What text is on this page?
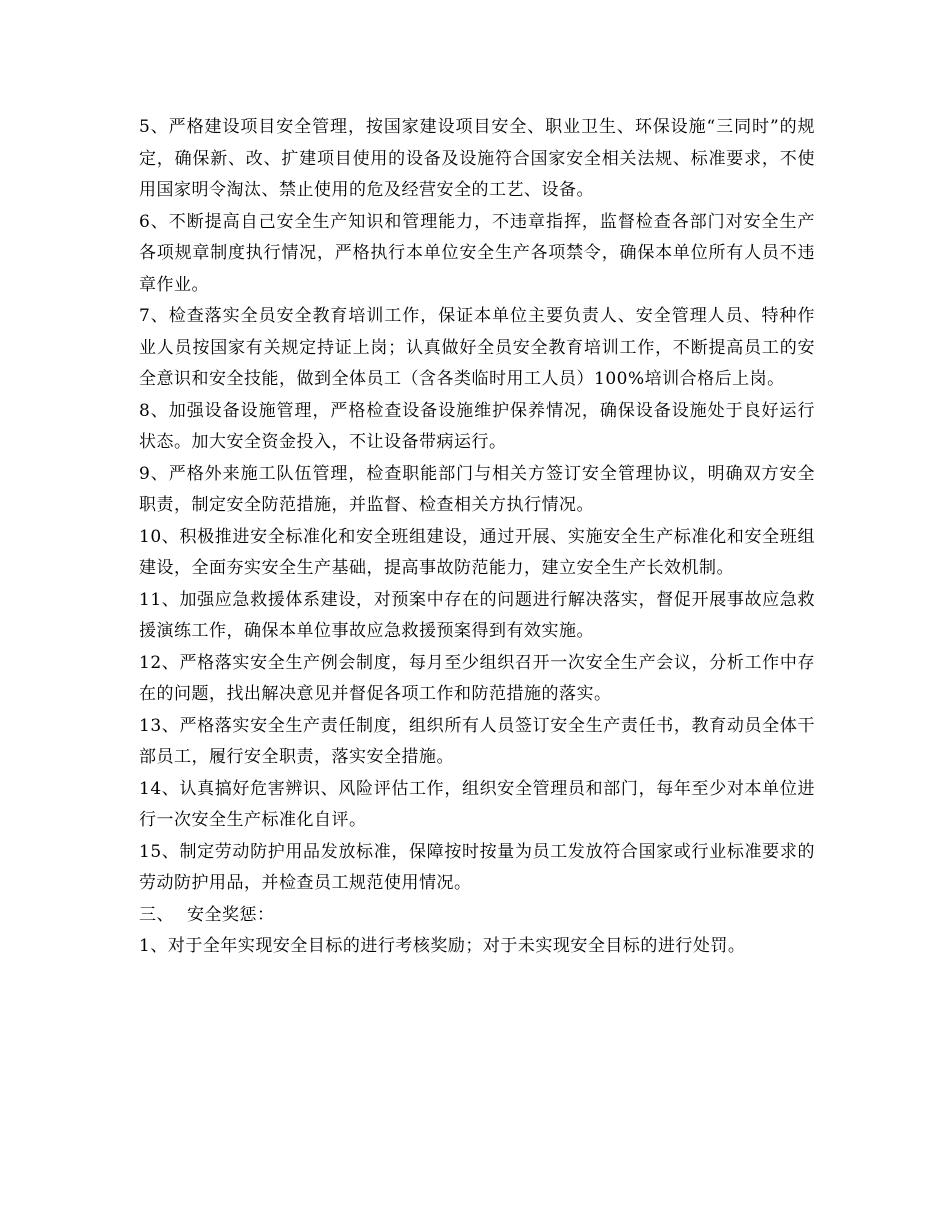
5、严格建设项目安全管理，按国家建设项目安全、职业卫生、环保设施“三同时”的规定，确保新、改、扩建项目使用的设备及设施符合国家安全相关法规、标准要求，不使用国家明令淘汰、禁止使用的危及经营安全的工艺、设备。

6、不断提高自己安全生产知识和管理能力，不违章指挥，监督检查各部门对安全生产各项规章制度执行情况，严格执行本单位安全生产各项禁令，确保本单位所有人员不违章作业。

7、检查落实全员安全教育培训工作，保证本单位主要负责人、安全管理人员、特种作业人员按国家有关规定持证上岗；认真做好全员安全教育培训工作，不断提高员工的安全意识和安全技能，做到全体员工（含各类临时用工人员）100%培训合格后上岗。

8、加强设备设施管理，严格检查设备设施维护保养情况，确保设备设施处于良好运行状态。加大安全资金投入，不让设备带病运行。

9、严格外来施工队伍管理，检查职能部门与相关方签订安全管理协议，明确双方安全职责，制定安全防范措施，并监督、检查相关方执行情况。

10、积极推进安全标准化和安全班组建设，通过开展、实施安全生产标准化和安全班组建设，全面夯实安全生产基础，提高事故防范能力，建立安全生产长效机制。

11、加强应急救援体系建设，对预案中存在的问题进行解决落实，督促开展事故应急救援演练工作，确保本单位事故应急救援预案得到有效实施。

12、严格落实安全生产例会制度，每月至少组织召开一次安全生产会议，分析工作中存在的问题，找出解决意见并督促各项工作和防范措施的落实。

13、严格落实安全生产责任制度，组织所有人员签订安全生产责任书，教育动员全体干部员工，履行安全职责，落实安全措施。

14、认真搞好危害辨识、风险评估工作，组织安全管理员和部门，每年至少对本单位进行一次安全生产标准化自评。

15、制定劳动防护用品发放标准，保障按时按量为员工发放符合国家或行业标准要求的劳动防护用品，并检查员工规范使用情况。

三、 安全奖惩：

1、对于全年实现安全目标的进行考核奖励；对于未实现安全目标的进行处罚。
